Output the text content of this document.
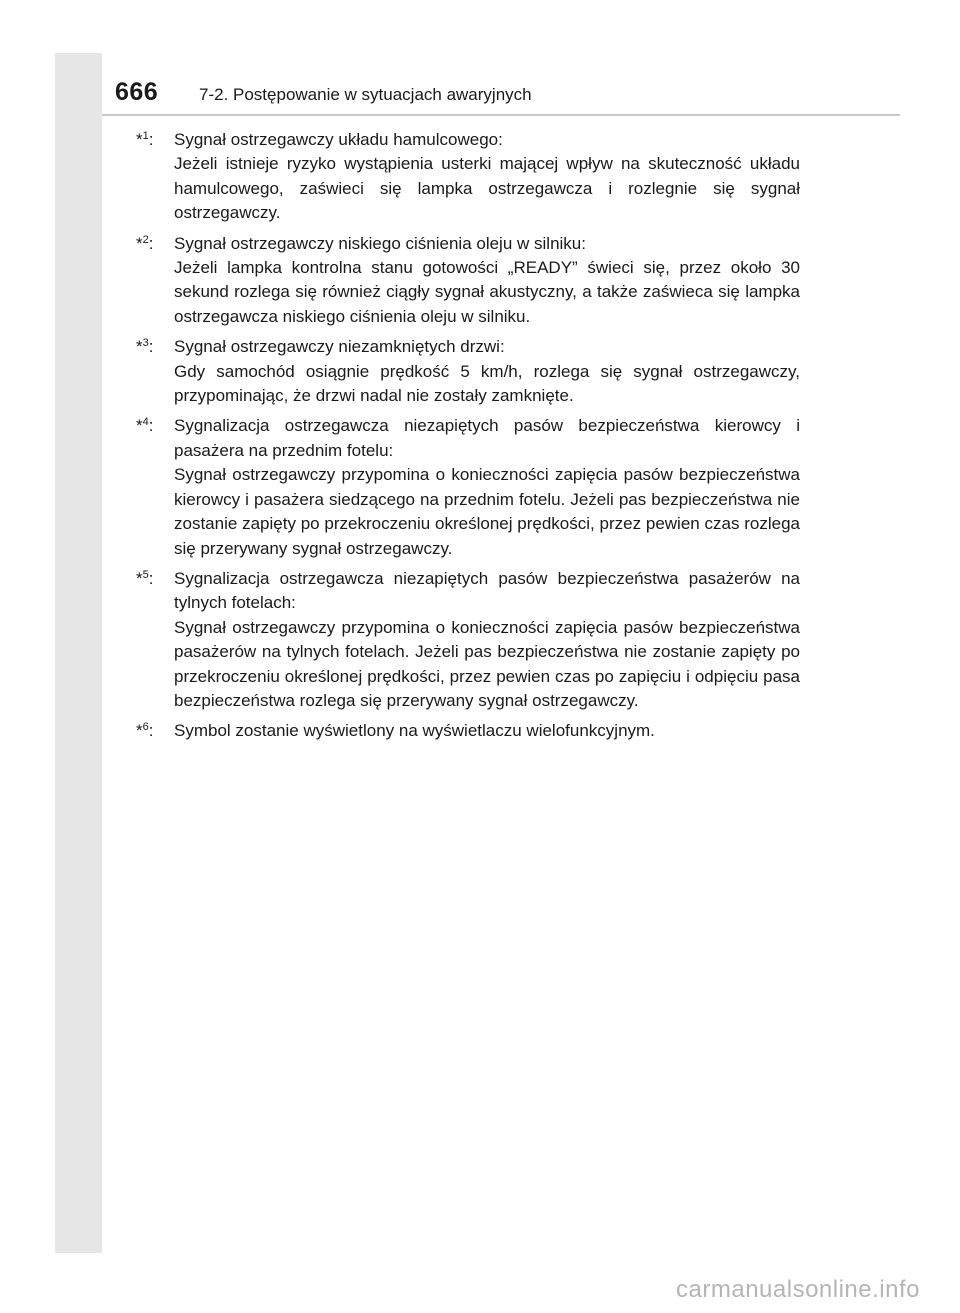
666 7-2. Postępowanie w sytuacjach awaryjnych
*$^1$: Sygnał ostrzegawczy układu hamulcowego:
Jeżeli istnieje ryzyko wystąpienia usterki mającej wpływ na skuteczność układu hamulcowego, zaświeci się lampka ostrzegawcza i rozlegnie się sygnał ostrzegawczy.
*$^2$: Sygnał ostrzegawczy niskiego ciśnienia oleju w silniku:
Jeżeli lampka kontrolna stanu gotowości „READY” świeci się, przez około 30 sekund rozlega się również ciągły sygnał akustyczny, a także zaświeca się lampka ostrzegawcza niskiego ciśnienia oleju w silniku.
*$^3$: Sygnał ostrzegawczy niezamkniętych drzwi:
Gdy samochód osiągnie prędkość 5 km/h, rozlega się sygnał ostrzegawczy, przypominając, że drzwi nadal nie zostały zamknięte.
*$^4$: Sygnalizacja ostrzegawcza niezapiętych pasów bezpieczeństwa kierowcy i pasażera na przednim fotelu:
Sygnał ostrzegawczy przypomina o konieczności zapięcia pasów bezpieczeństwa kierowcy i pasażera siedzącego na przednim fotelu. Jeżeli pas bezpieczeństwa nie zostanie zapięty po przekroczeniu określonej prędkości, przez pewien czas rozlega się przerywany sygnał ostrzegawczy.
*$^5$: Sygnalizacja ostrzegawcza niezapiętych pasów bezpieczeństwa pasażerów na tylnych fotelach:
Sygnał ostrzegawczy przypomina o konieczności zapięcia pasów bezpieczeństwa pasażerów na tylnych fotelach. Jeżeli pas bezpieczeństwa nie zostanie zapięty po przekroczeniu określonej prędkości, przez pewien czas po zapięciu i odpięciu pasa bezpieczeństwa rozlega się przerywany sygnał ostrzegawczy.
*$^6$: Symbol zostanie wyświetlony na wyświetlaczu wielofunkcyjnym.
carmanualsonline.info
